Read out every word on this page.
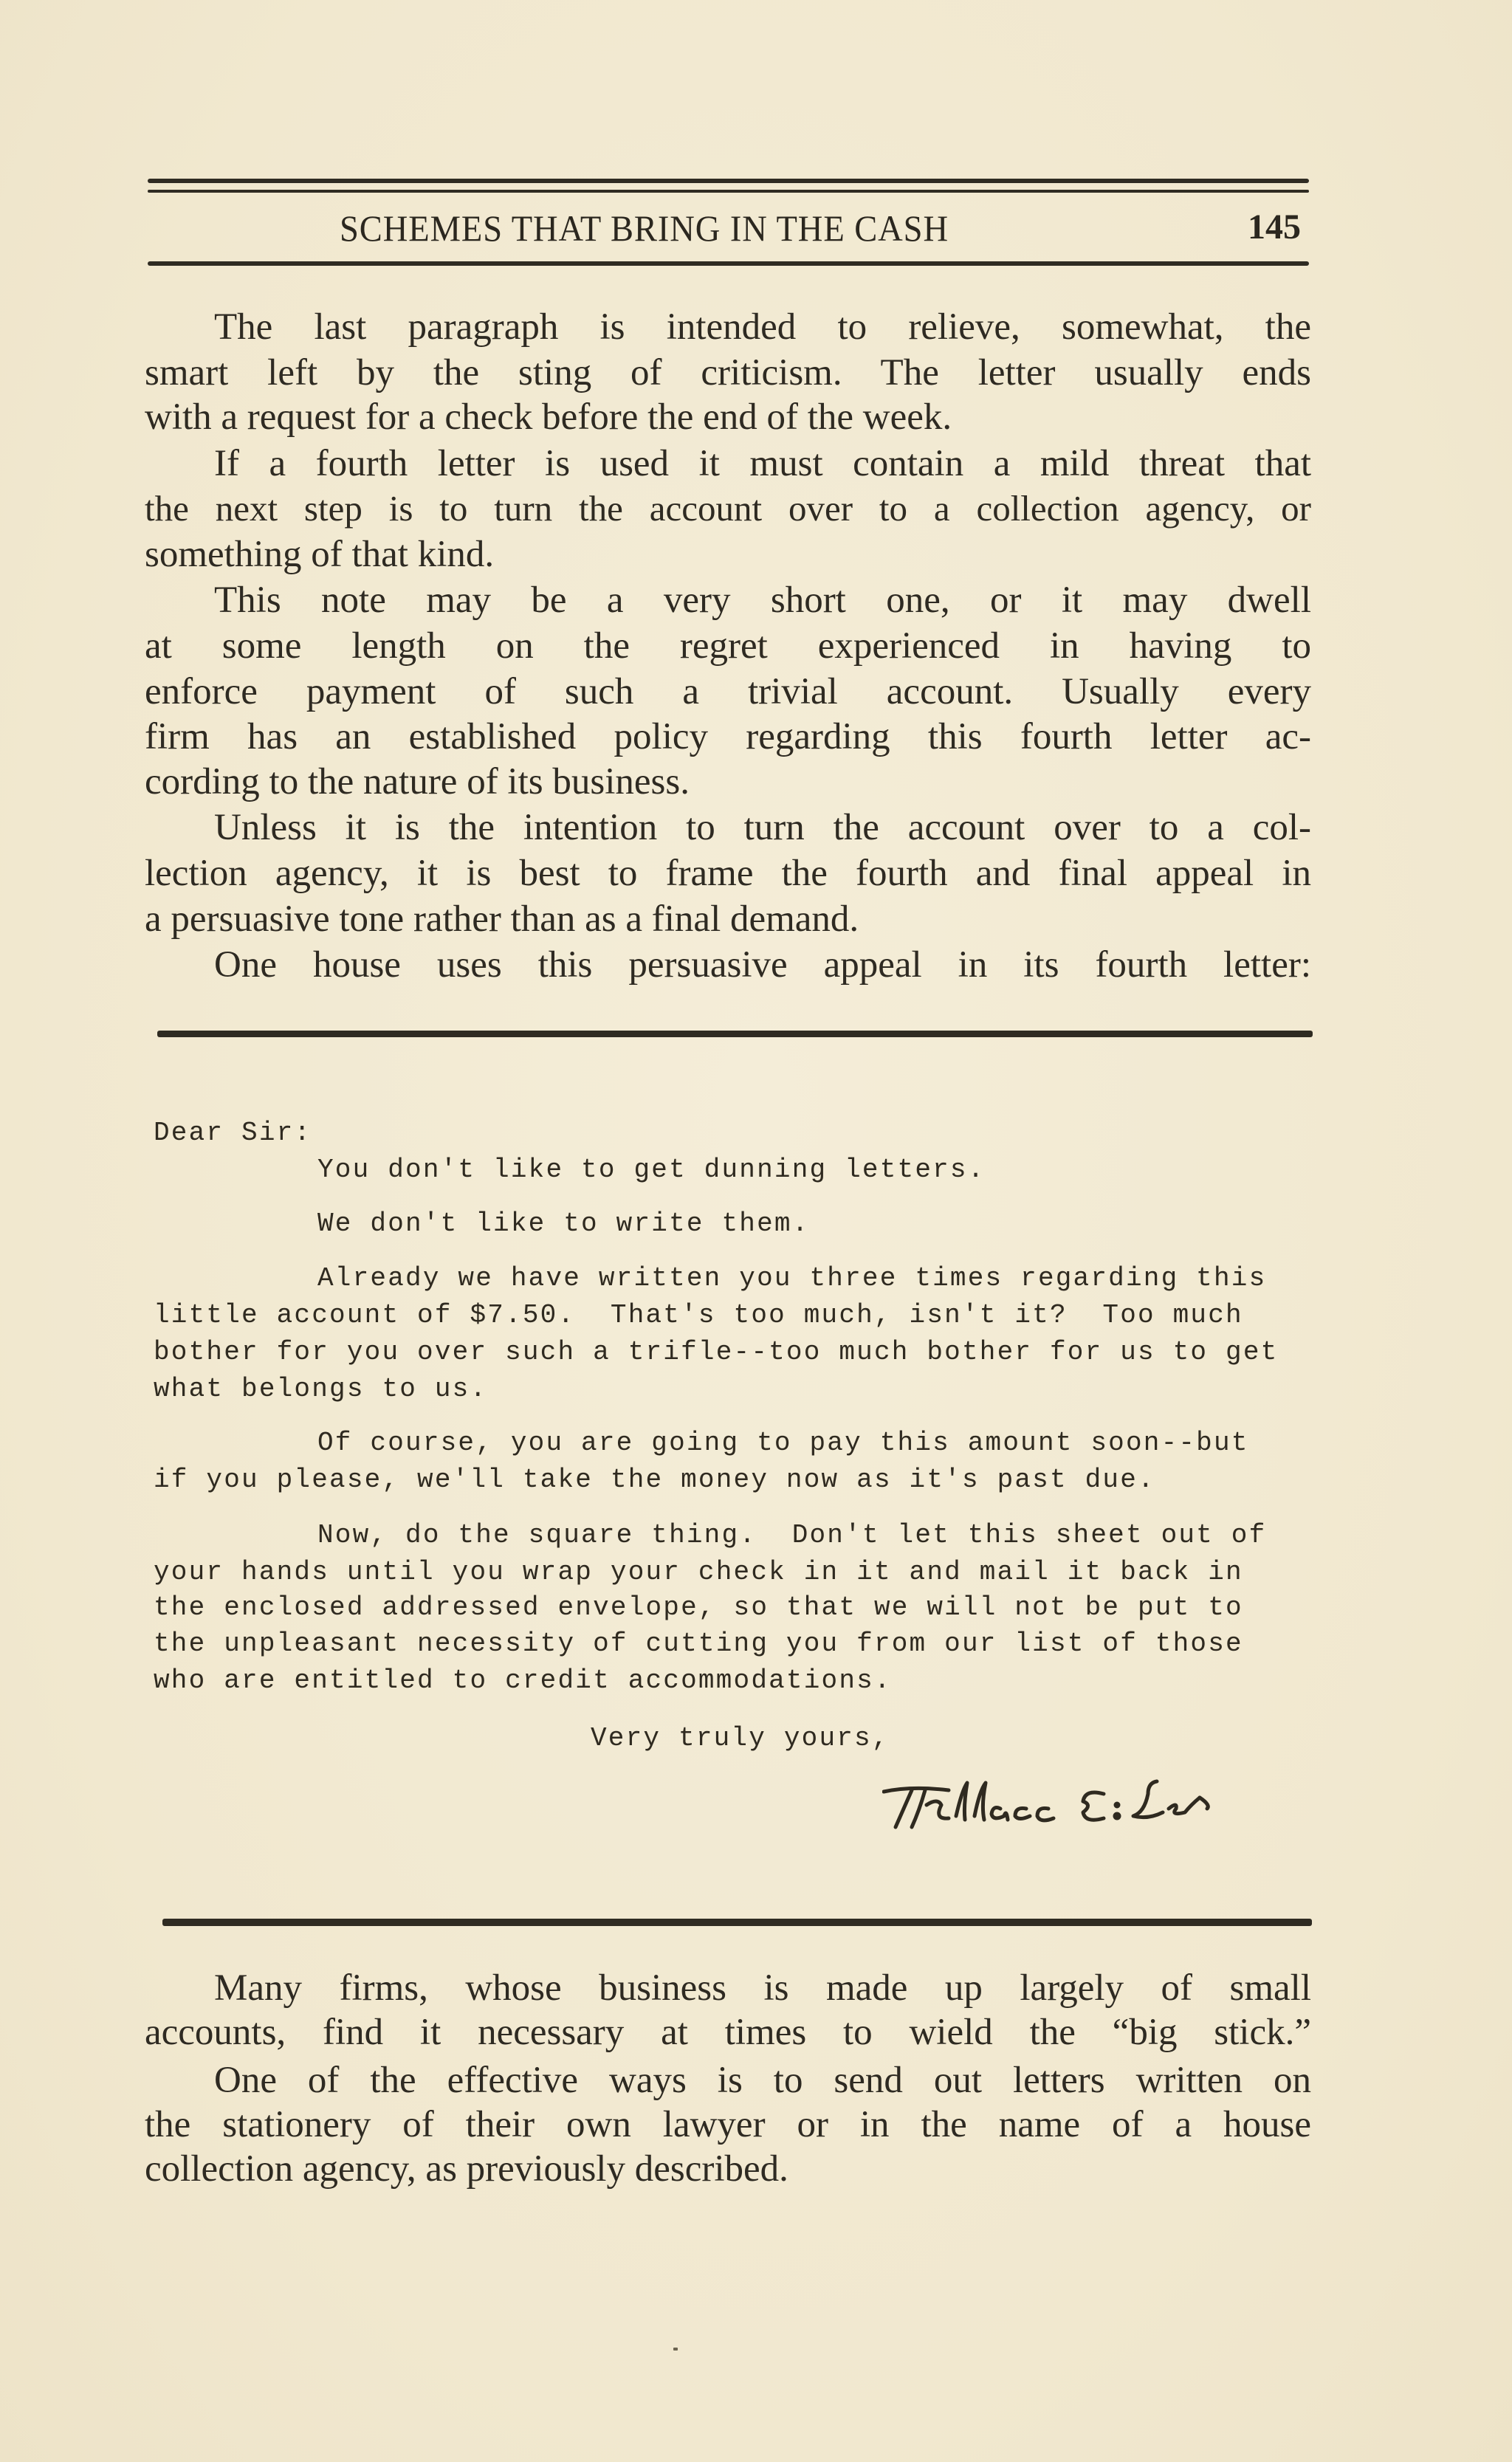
SCHEMES THAT BRING IN THE CASH	145
The last paragraph is intended to relieve, somewhat, the
smart left by the sting of criticism. The letter usually ends
with a request for a check before the end of the week.
If a fourth letter is used it must contain a mild threat that
the next step is to turn the account over to a collection agency, or
something of that kind.
This note may be a very short one, or it may dwell
at some length on the regret experienced in having to
enforce payment of such a trivial account. Usually every
firm has an established policy regarding this fourth letter ac-
cording to the nature of its business.
Unless it is the intention to turn the account over to a col-
lection agency, it is best to frame the fourth and final appeal in
a persuasive tone rather than as a final demand.
One house uses this persuasive appeal in its fourth letter:
Dear Sir:
You don't like to get dunning letters.
We don't like to write them.
Already we have written you three times regarding this
little account of $7.50.  That's too much, isn't it?  Too much
bother for you over such a trifle--too much bother for us to get
what belongs to us.
Of course, you are going to pay this amount soon--but
if you please, we'll take the money now as it's past due.
Now, do the square thing.  Don't let this sheet out of
your hands until you wrap your check in it and mail it back in
the enclosed addressed envelope, so that we will not be put to
the unpleasant necessity of cutting you from our list of those
who are entitled to credit accommodations.
Very truly yours,
Many firms, whose business is made up largely of small
accounts, find it necessary at times to wield the “big stick.”
One of the effective ways is to send out letters written on
the stationery of their own lawyer or in the name of a house
collection agency, as previously described.
